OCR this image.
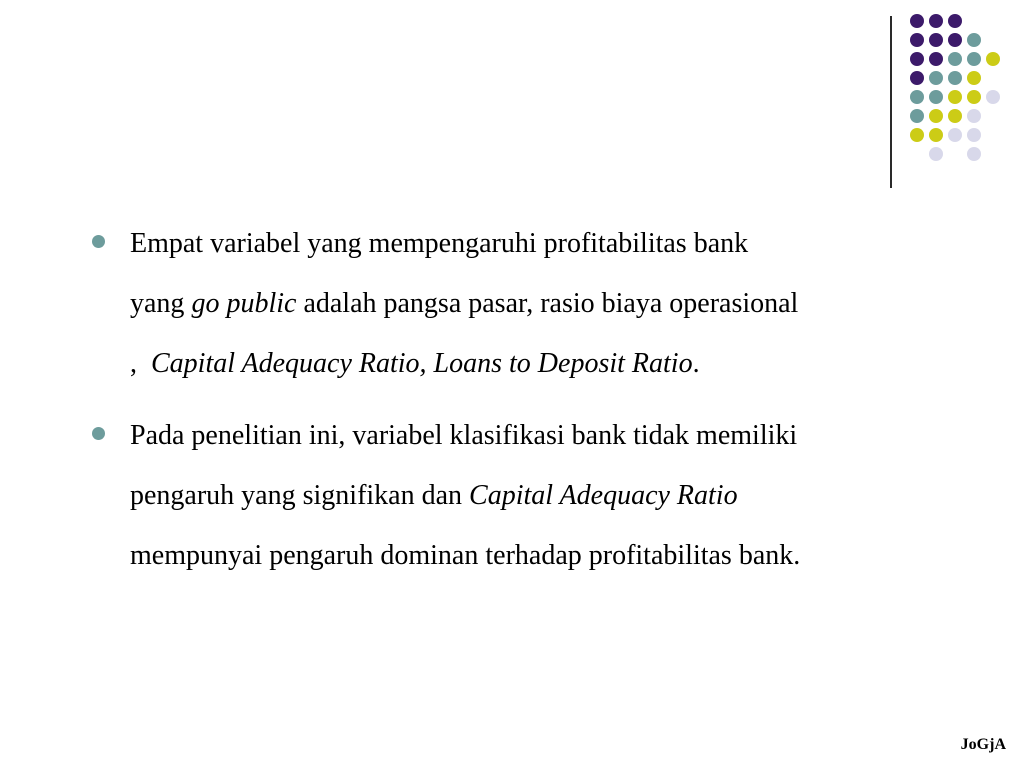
Empat variabel yang mempengaruhi profitabilitas bank
yang go public adalah pangsa pasar, rasio biaya operasional
,  Capital Adequacy Ratio, Loans to Deposit Ratio.
Pada penelitian ini, variabel klasifikasi bank tidak memiliki
pengaruh yang signifikan dan Capital Adequacy Ratio
mempunyai pengaruh dominan terhadap profitabilitas bank.
JoGjA
